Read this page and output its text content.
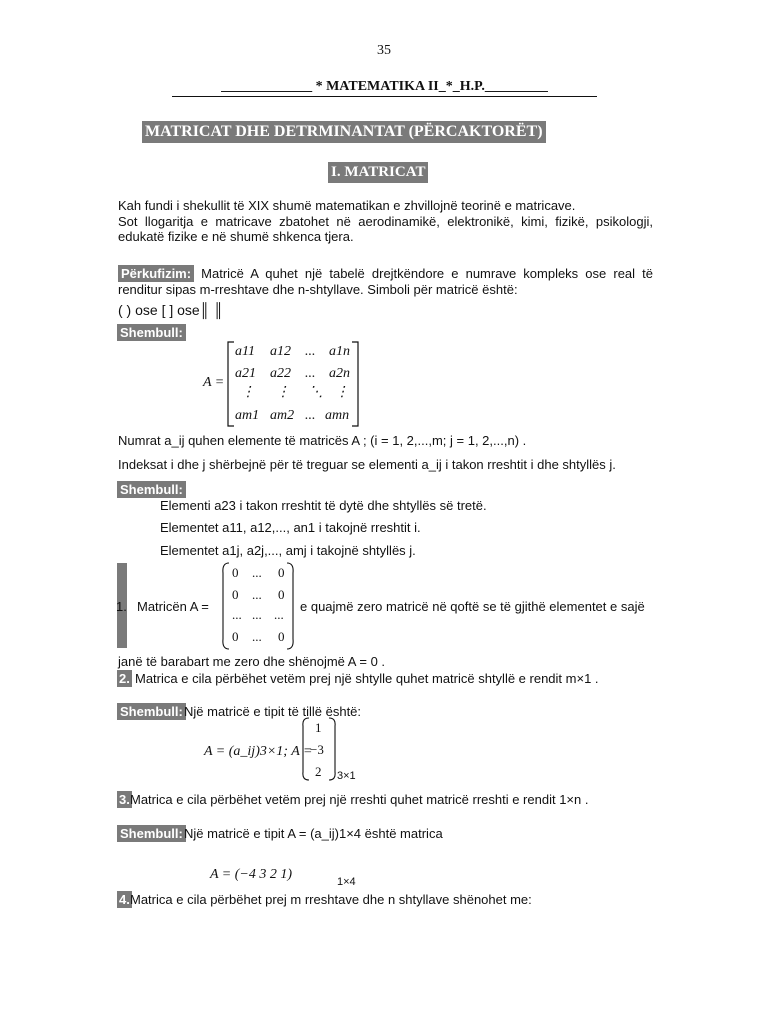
35
_____________ * MATEMATIKA II_*_H.P._________
MATRICAT DHE DETRMINANTAT (PËRCAKTORËT)
I. MATRICAT
Kah fundi i shekullit të XIX shumë matematikan e zhvillojnë teorinë e matricave.
Sot llogaritja e matricave zbatohet në aerodinamikë, elektronikë, kimi, fizikë, psikologji, edukatë fizike e në shumë shkenca tjera.
Përkufizim: Matricë A quhet një tabelë drejtkëndore e numrave kompleks ose real të renditur sipas m-rreshtave dhe n-shtyllave. Simboli për matricë është:
( ) ose [ ] ose║ ║
Shembull:
A =
a11 a12 ... a1n
a21 a22 ... a2n
⋮ ⋮ ⋱ ⋮
am1 am2 ... amn
Numrat a_ij quhen elemente të matricës A ; (i = 1, 2,...,m; j = 1, 2,...,n) .
Indeksat i dhe j shërbejnë për të treguar se elementi a_ij i takon rreshtit i dhe shtyllës j.
Shembull:
Elementi a23 i takon rreshtit të dytë dhe shtyllës së tretë.
Elementet a11, a12,..., an1 i takojnë rreshtit i.
Elementet a1j, a2j,..., amj i takojnë shtyllës j.
1. Matricën A =
0 ... 0
0 ... 0
... ... ...
0 ... 0
e quajmë zero matricë në qoftë se të gjithë elementet e sajë
janë të barabart me zero dhe shënojmë A = 0 .
2. Matrica e cila përbëhet vetëm prej një shtylle quhet matricë shtyllë e rendit m×1 .
Shembull: Një matricë e tipit të tillë është:
A = (a_ij)3×1; A =
1
−3
2 3×1
3. Matrica e cila përbëhet vetëm prej një rreshti quhet matricë rreshti e rendit 1×n .
Shembull: Një matricë e tipit A = (a_ij)1×4 është matrica
A = (−4 3 2 1)	1×4
4. Matrica e cila përbëhet prej m rreshtave dhe n shtyllave shënohet me:
